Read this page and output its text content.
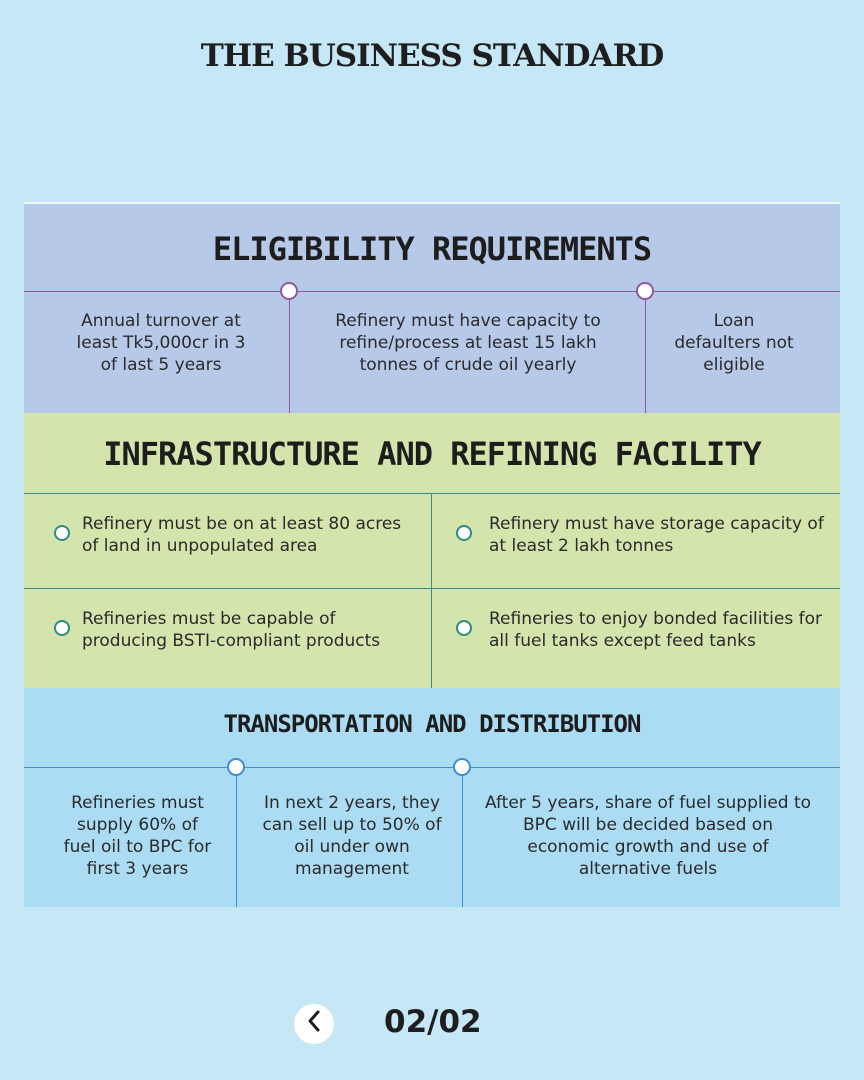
THE BUSINESS STANDARD
ELIGIBILITY REQUIREMENTS
Annual turnover at least Tk5,000cr in 3 of last 5 years
Refinery must have capacity to refine/process at least 15 lakh tonnes of crude oil yearly
Loan defaulters not eligible
INFRASTRUCTURE AND REFINING FACILITY
Refinery must be on at least 80 acres of land in unpopulated area
Refinery must have storage capacity of at least 2 lakh tonnes
Refineries must be capable of producing BSTI-compliant products
Refineries to enjoy bonded facilities for all fuel tanks except feed tanks
TRANSPORTATION AND DISTRIBUTION
Refineries must supply 60% of fuel oil to BPC for first 3 years
In next 2 years, they can sell up to 50% of oil under own management
After 5 years, share of fuel supplied to BPC will be decided based on economic growth and use of alternative fuels
02/02
